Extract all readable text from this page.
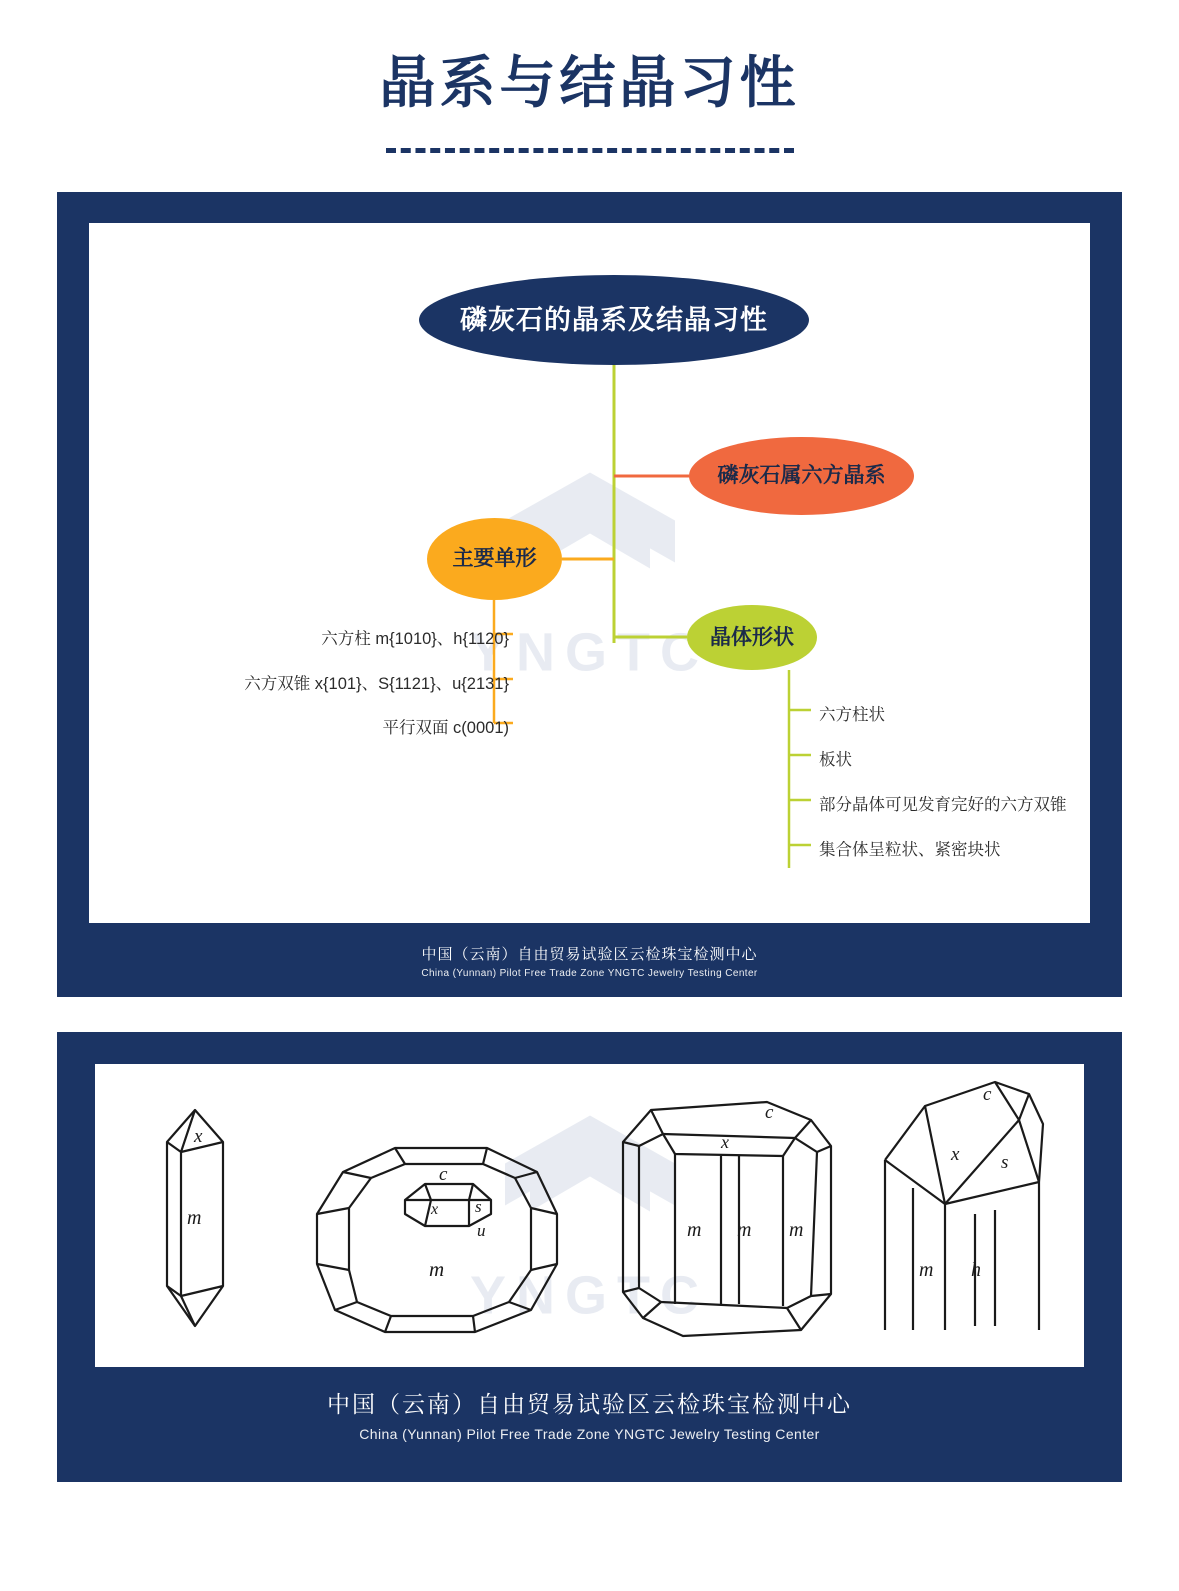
晶系与结晶习性
YNGTC
磷灰石的晶系及结晶习性
磷灰石属六方晶系
主要单形
晶体形状
六方柱 m{1010}、h{1120}
六方双锥 x{101}、S{1121}、u{2131}
平行双面 c(0001)
六方柱状
板状
部分晶体可见发育完好的六方双锥
集合体呈粒状、紧密块状
中国（云南）自由贸易试验区云检珠宝检测中心
China (Yunnan) Pilot Free Trade Zone YNGTC Jewelry Testing Center
YNGTC
x
m
c
x s
u
m
c
x
m m m
c
x s
m h
中国（云南）自由贸易试验区云检珠宝检测中心
China (Yunnan) Pilot Free Trade Zone YNGTC Jewelry Testing Center
